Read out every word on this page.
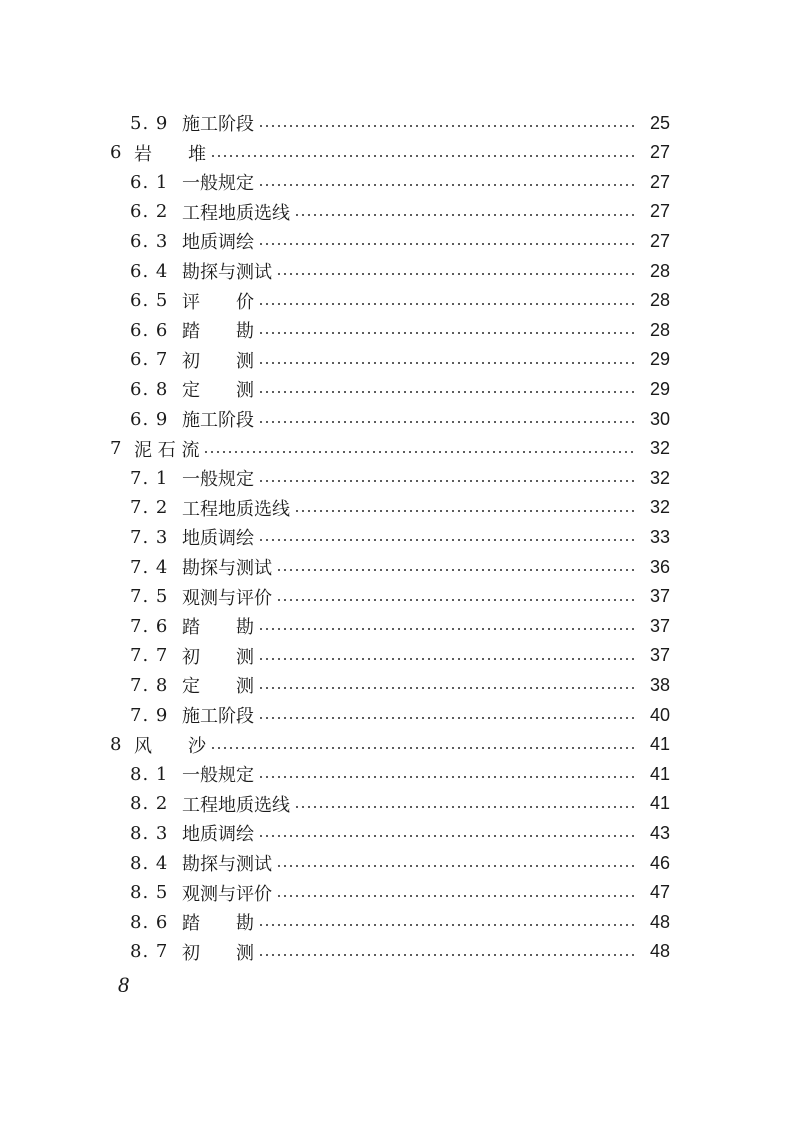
5. 9 施工阶段	25
6 岩　　堆	27
6. 1 一般规定	27
6. 2 工程地质选线	27
6. 3 地质调绘	27
6. 4 勘探与测试	28
6. 5 评　　价	28
6. 6 踏　　勘	28
6. 7 初　　测	29
6. 8 定　　测	29
6. 9 施工阶段	30
7 泥 石 流	32
7. 1 一般规定	32
7. 2 工程地质选线	32
7. 3 地质调绘	33
7. 4 勘探与测试	36
7. 5 观测与评价	37
7. 6 踏　　勘	37
7. 7 初　　测	37
7. 8 定　　测	38
7. 9 施工阶段	40
8 风　　沙	41
8. 1 一般规定	41
8. 2 工程地质选线	41
8. 3 地质调绘	43
8. 4 勘探与测试	46
8. 5 观测与评价	47
8. 6 踏　　勘	48
8. 7 初　　测	48
8
